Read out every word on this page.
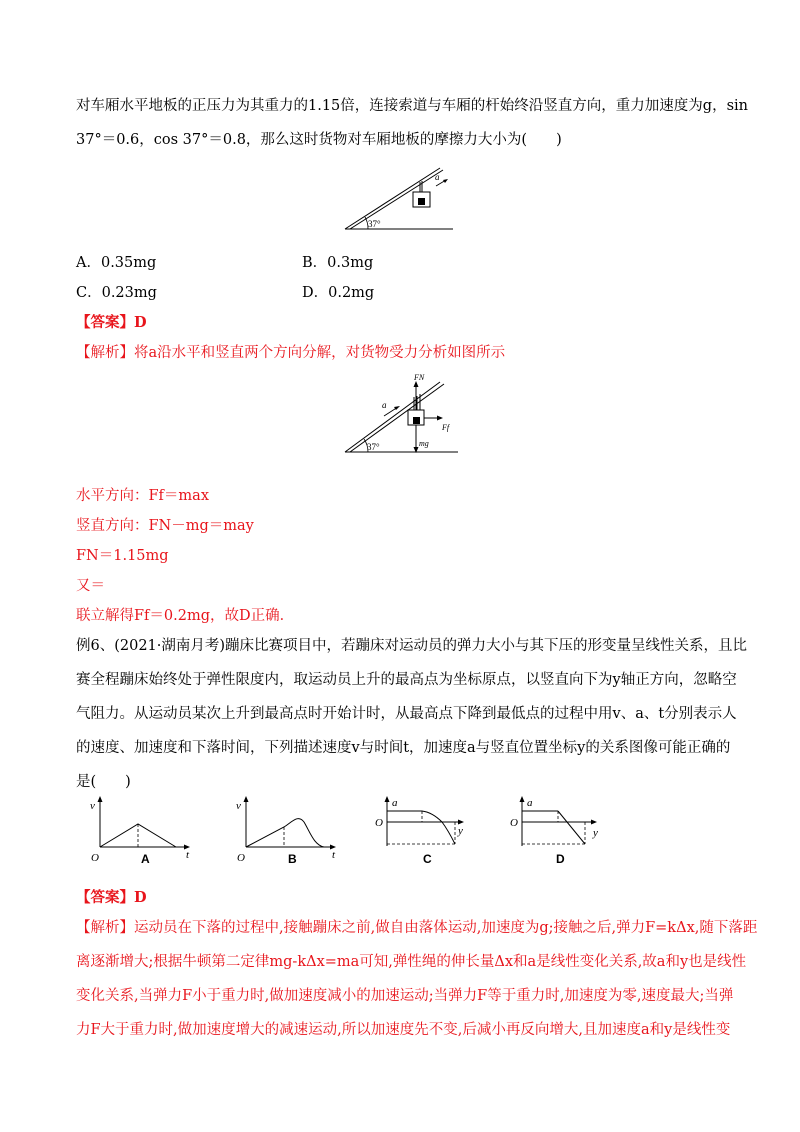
对车厢水平地板的正压力为其重力的1.15倍，连接索道与车厢的杆始终沿竖直方向，重力加速度为g，sin
37°＝0.6，cos 37°＝0.8，那么这时货物对车厢地板的摩擦力大小为(　　)
37°
a
A．0.35mg	B．0.3mg
C．0.23mg	D．0.2mg
【答案】D
【解析】将a沿水平和竖直两个方向分解，对货物受力分析如图所示
37°
FN
Ff
mg
a
水平方向：Ff＝max
竖直方向：FN－mg＝may
FN＝1.15mg
又＝
联立解得Ff＝0.2mg，故D正确．
例6、(2021·湖南月考)蹦床比赛项目中，若蹦床对运动员的弹力大小与其下压的形变量呈线性关系，且比
赛全程蹦床始终处于弹性限度内，取运动员上升的最高点为坐标原点，以竖直向下为y轴正方向，忽略空
气阻力。从运动员某次上升到最高点时开始计时，从最高点下降到最低点的过程中用v、a、t分别表示人
的速度、加速度和下落时间，下列描述速度v与时间t，加速度a与竖直位置坐标y的关系图像可能正确的
是(　　)
v
t
O	A
v
t
O	B
a
y
O
C
a
y
O
D
【答案】D
【解析】运动员在下落的过程中,接触蹦床之前,做自由落体运动,加速度为g;接触之后,弹力F=kΔx,随下落距
离逐渐增大;根据牛顿第二定律mg-kΔx=ma可知,弹性绳的伸长量Δx和a是线性变化关系,故a和y也是线性
变化关系,当弹力F小于重力时,做加速度减小的加速运动;当弹力F等于重力时,加速度为零,速度最大;当弹
力F大于重力时,做加速度增大的减速运动,所以加速度先不变,后减小再反向增大,且加速度a和y是线性变
